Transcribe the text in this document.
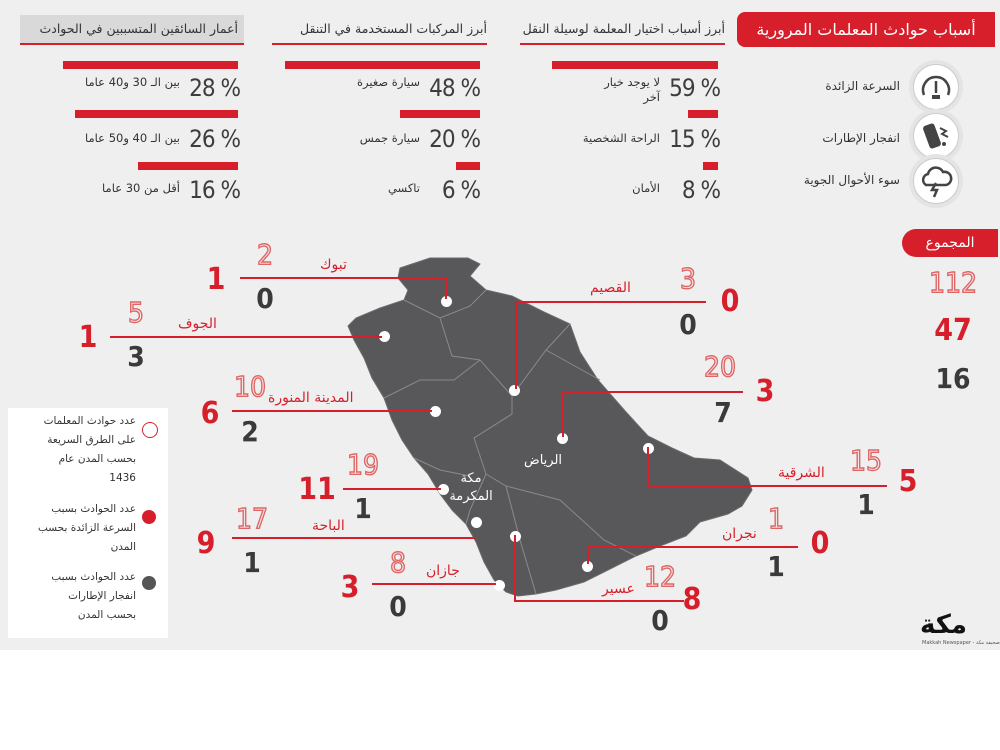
أسباب حوادث المعلمات المرورية
أبرز أسباب اختيار المعلمة لوسيلة النقل
أبرز المركبات المستخدمة في التنقل
أعمار السائقين المتسببين في الحوادث
59 %
لا يوجد خيار آخر
15 %
الراحة الشخصية
8 %
الأمان
48 %
سيارة صغيرة
20 %
سيارة جمس
6 %
تاكسي
28 %
بين الـ 30 و40 عاما
26 %
بين الـ 40 و50 عاما
16 %
أقل من 30 عاما
السرعة الزائدة
انفجار الإطارات
سوء الأحوال الجوية
المجموع
112
47
16
تبوك
الجوف
المدينة المنورة
القصيم
الرياض
الشرقية
مكة المكرمة
الباحة	نجران
عسير
جازان
2
1
0
5
1
3
10
6
2
3
0
0
20
3
7
15
5
1
19
11
1
17
9
1
1
0
1
12
8
0
8
3
0
عدد حوادث المعلمات على الطرق السريعة بحسب المدن عام 1436
عدد الحوادث بسبب السرعة الزائدة بحسب المدن
عدد الحوادث بسبب انفجار الإطارات بحسب المدن	مكة
Makkah Newspaper - صحيفة مكة
